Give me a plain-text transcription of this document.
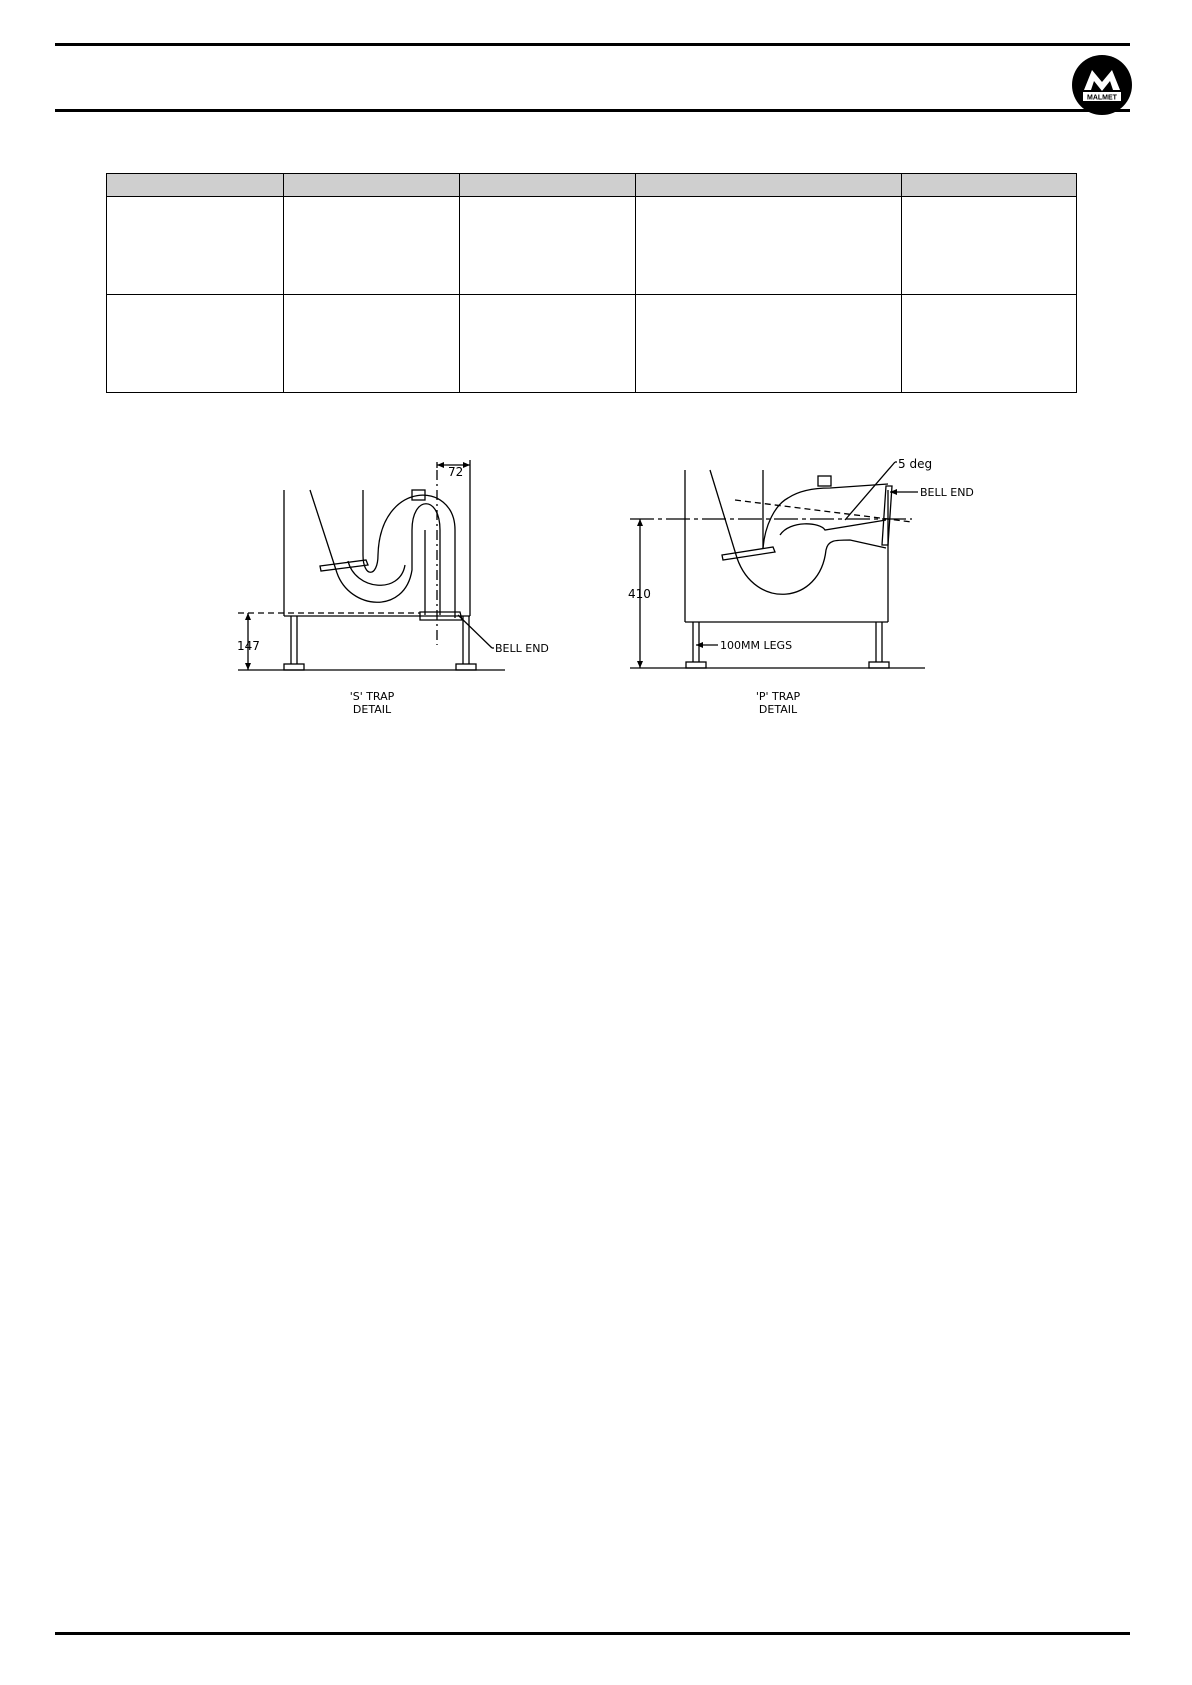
MALMET

72
147	BELL END
'S' TRAP
DETAIL
5 deg
BELL END
410
100MM LEGS
'P' TRAP
DETAIL
